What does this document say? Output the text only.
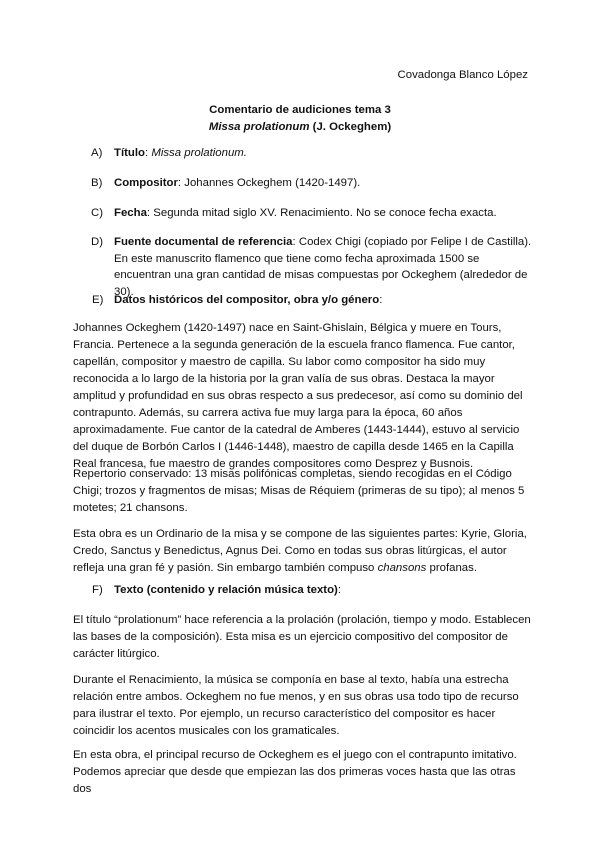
Covadonga Blanco López
Comentario de audiciones tema 3
Missa prolationum (J. Ockeghem)
A)	Título: Missa prolationum.
B)	Compositor: Johannes Ockeghem (1420-1497).
C) Fecha: Segunda mitad siglo XV. Renacimiento. No se conoce fecha exacta.
D) Fuente documental de referencia: Codex Chigi (copiado por Felipe I de Castilla). En este manuscrito flamenco que tiene como fecha aproximada 1500 se encuentran una gran cantidad de misas compuestas por Ockeghem (alrededor de 30).
E) Datos históricos del compositor, obra y/o género:

Johannes Ockeghem (1420-1497) nace en Saint-Ghislain, Bélgica y muere en Tours, Francia. Pertenece a la segunda generación de la escuela franco flamenca. Fue cantor, capellán, compositor y maestro de capilla. Su labor como compositor ha sido muy reconocida a lo largo de la historia por la gran valía de sus obras. Destaca la mayor amplitud y profundidad en sus obras respecto a sus predecesor, así como su dominio del contrapunto. Además, su carrera activa fue muy larga para la época, 60 años aproximadamente. Fue cantor de la catedral de Amberes (1443-1444), estuvo al servicio del duque de Borbón Carlos I (1446-1448), maestro de capilla desde 1465 en la Capilla Real francesa, fue maestro de grandes compositores como Desprez y Busnois.

Repertorio conservado: 13 misas polifónicas completas, siendo recogidas en el Código Chigi; trozos y fragmentos de misas; Misas de Réquiem (primeras de su tipo); al menos 5 motetes; 21 chansons.

Esta obra es un Ordinario de la misa y se compone de las siguientes partes: Kyrie, Gloria, Credo, Sanctus y Benedictus, Agnus Dei. Como en todas sus obras litúrgicas, el autor refleja una gran fé y pasión. Sin embargo también compuso chansons profanas.

F) Texto (contenido y relación música texto):

El título “prolationum” hace referencia a la prolación (prolación, tiempo y modo. Establecen las bases de la composición). Esta misa es un ejercicio compositivo del compositor de carácter litúrgico.

Durante el Renacimiento, la música se componía en base al texto, había una estrecha relación entre ambos. Ockeghem no fue menos, y en sus obras usa todo tipo de recurso para ilustrar el texto. Por ejemplo, un recurso característico del compositor es hacer coincidir los acentos musicales con los gramaticales.

En esta obra, el principal recurso de Ockeghem es el juego con el contrapunto imitativo. Podemos apreciar que desde que empiezan las dos primeras voces hasta que las otras dos
